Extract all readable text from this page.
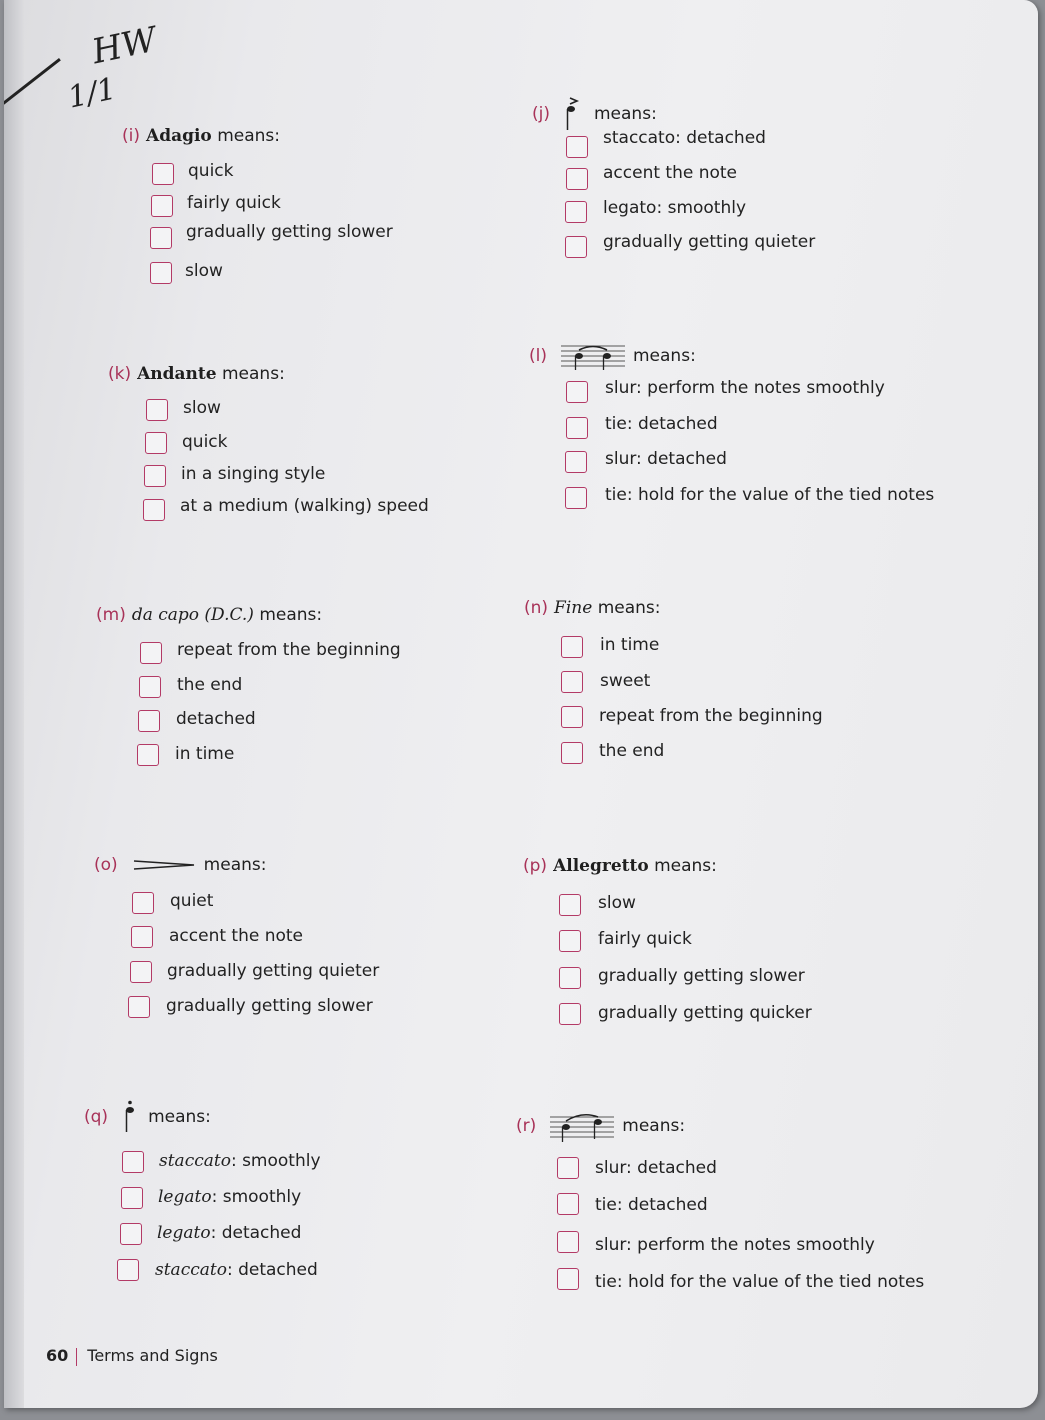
HW
1/1
(i) Adagio means:
quick
fairly quick
gradually getting slower
slow
(j)	means:
staccato: detached
accent the note
legato: smoothly
gradually getting quieter
(k) Andante means:
slow
quick
in a singing style
at a medium (walking) speed
(l)	means:
slur: perform the notes smoothly
tie: detached
slur: detached
tie: hold for the value of the tied notes
(m) da capo (D.C.) means:
repeat from the beginning
the end
detached
in time
(n) Fine means:
in time
sweet
repeat from the beginning
the end
(o)	means:
quiet
accent the note
gradually getting quieter
gradually getting slower
(p) Allegretto means:
slow
fairly quick
gradually getting slower
gradually getting quicker
(q) means:
staccato: smoothly
legato: smoothly
legato: detached
staccato: detached
(r)	means:
slur: detached
tie: detached
slur: perform the notes smoothly
tie: hold for the value of the tied notes
60 Terms and Signs
